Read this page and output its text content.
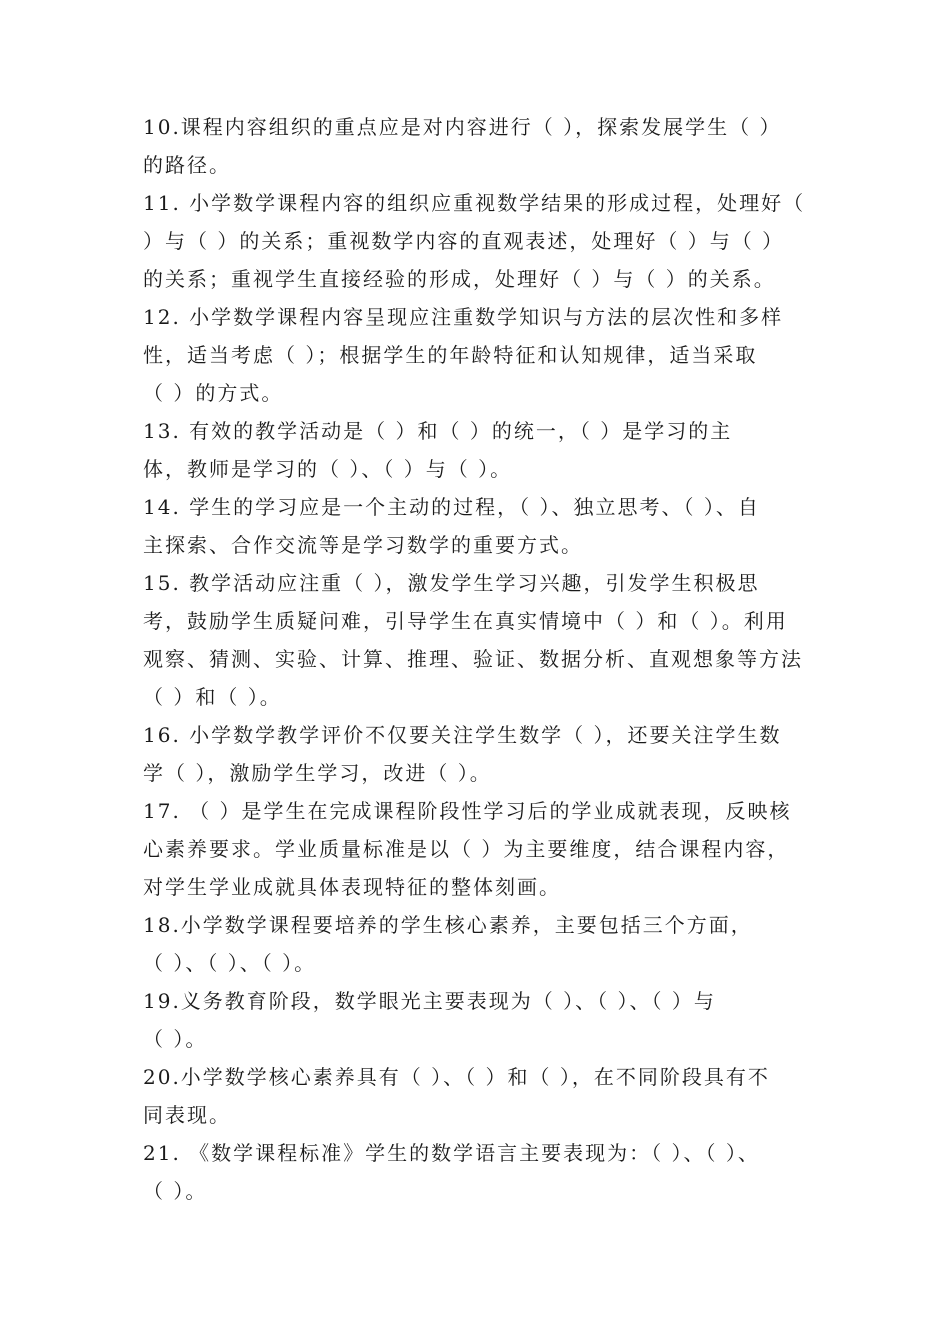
10.课程内容组织的重点应是对内容进行（ ），探索发展学生（ ）
的路径。
11. 小学数学课程内容的组织应重视数学结果的形成过程，处理好（
）与（ ）的关系；重视数学内容的直观表述，处理好（ ）与（ ）
的关系；重视学生直接经验的形成，处理好（ ）与（ ）的关系。
12. 小学数学课程内容呈现应注重数学知识与方法的层次性和多样
性，适当考虑（ ）；根据学生的年龄特征和认知规律，适当采取
（ ）的方式。
13. 有效的教学活动是（ ）和（ ）的统一，（ ）是学习的主
体，教师是学习的（ ）、（ ）与（ ）。
14. 学生的学习应是一个主动的过程，（ ）、独立思考、（ ）、自
主探索、合作交流等是学习数学的重要方式。
15. 教学活动应注重（ ），激发学生学习兴趣，引发学生积极思
考，鼓励学生质疑问难，引导学生在真实情境中（ ）和（ ）。利用
观察、猜测、实验、计算、推理、验证、数据分析、直观想象等方法
（ ）和（ ）。
16. 小学数学教学评价不仅要关注学生数学（ ），还要关注学生数
学（ ），激励学生学习，改进（ ）。
17. （ ）是学生在完成课程阶段性学习后的学业成就表现，反映核
心素养要求。学业质量标准是以（ ）为主要维度，结合课程内容，
对学生学业成就具体表现特征的整体刻画。
18.小学数学课程要培养的学生核心素养，主要包括三个方面，
（ ）、（ ）、（ ）。
19.义务教育阶段，数学眼光主要表现为（ ）、（ ）、（ ）与
（ ）。
20.小学数学核心素养具有（ ）、（ ）和（ ），在不同阶段具有不
同表现。
21. 《数学课程标准》学生的数学语言主要表现为：（ ）、（ ）、
（ ）。
